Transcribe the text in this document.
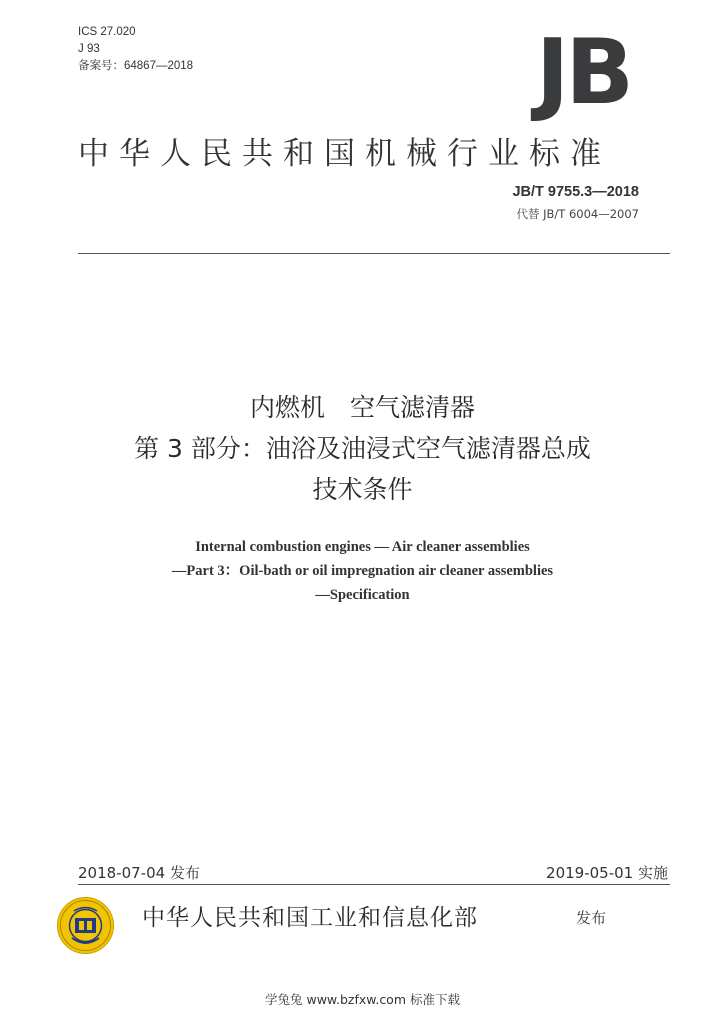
ICS 27.020
J 93
备案号：64867—2018	JB
中华人民共和国机械行业标准
JB/T 9755.3—2018
代替 JB/T 6004—2007
内燃机　空气滤清器
第 3 部分：油浴及油浸式空气滤清器总成
技术条件
Internal combustion engines — Air cleaner assemblies
—Part 3：Oil-bath or oil impregnation air cleaner assemblies
—Specification
2018-07-04 发布	2019-05-01 实施
中华人民共和国工业和信息化部	发布
学兔兔 www.bzfxw.com 标准下载
